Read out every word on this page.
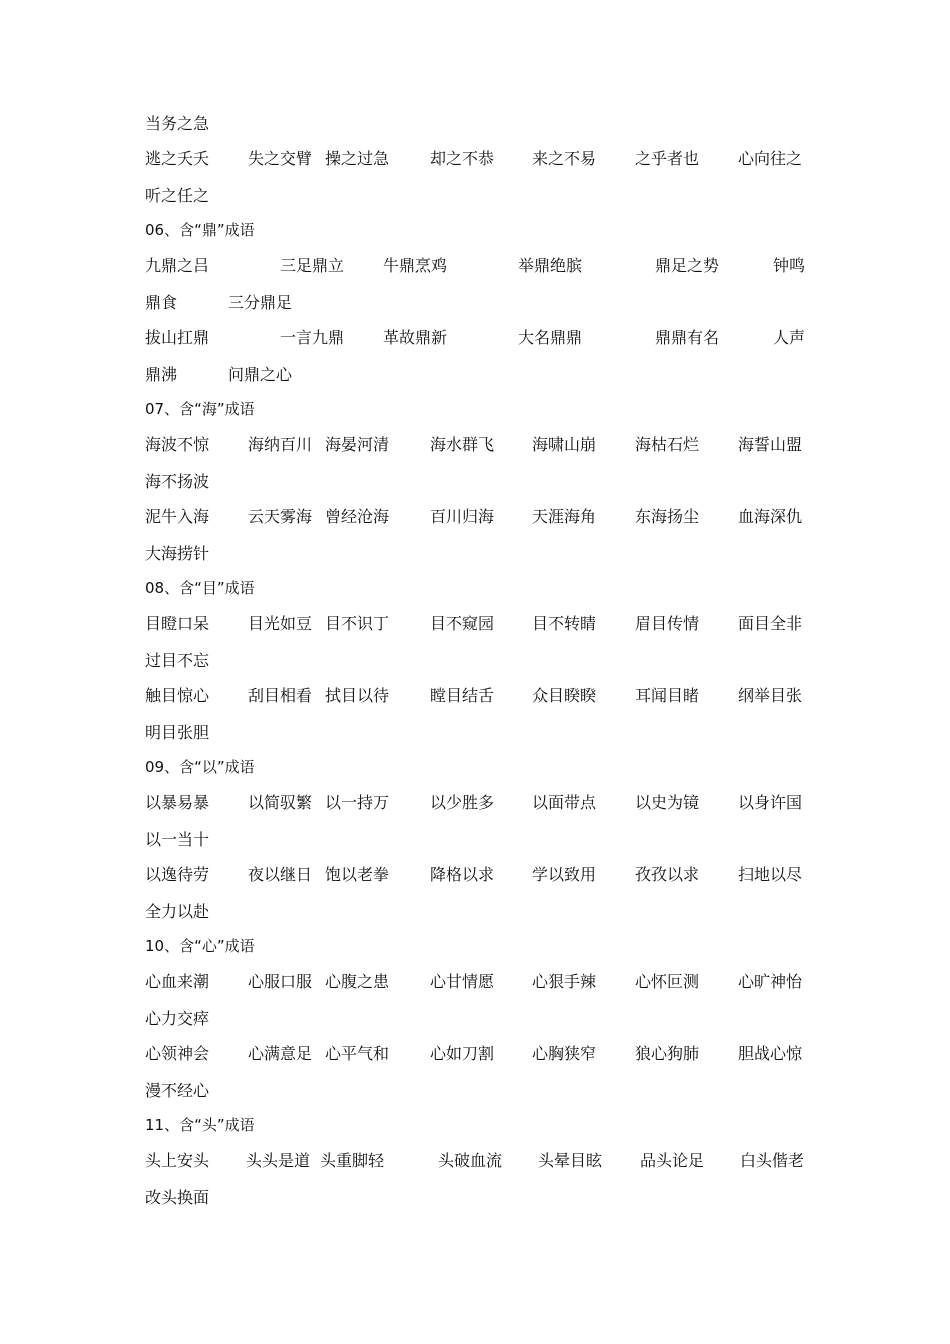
当务之急
逃之夭夭 失之交臂 操之过急	却之不恭 来之不易 之乎者也 心向往之
听之任之
06、含“鼎”成语
九鼎之吕	三足鼎立 牛鼎烹鸡	举鼎绝膑	鼎足之势	钟鸣
鼎食	三分鼎足
拔山扛鼎	一言九鼎 革故鼎新	大名鼎鼎	鼎鼎有名	人声
鼎沸	问鼎之心
07、含“海”成语
海波不惊 海纳百川 海晏河清	海水群飞 海啸山崩 海枯石烂 海誓山盟
海不扬波
泥牛入海 云天雾海 曾经沧海	百川归海 天涯海角 东海扬尘 血海深仇
大海捞针
08、含“目”成语
目瞪口呆 目光如豆 目不识丁	目不窥园 目不转睛 眉目传情 面目全非
过目不忘
触目惊心 刮目相看 拭目以待	瞠目结舌 众目睽睽 耳闻目睹 纲举目张
明目张胆
09、含“以”成语
以暴易暴 以简驭繁 以一持万	以少胜多 以面带点 以史为镜 以身许国
以一当十
以逸待劳 夜以继日 饱以老拳	降格以求 学以致用 孜孜以求 扫地以尽
全力以赴
10、含“心”成语
心血来潮 心服口服 心腹之患	心甘情愿 心狠手辣 心怀叵测 心旷神怡
心力交瘁
心领神会 心满意足 心平气和	心如刀割 心胸狭窄 狼心狗肺 胆战心惊
漫不经心
11、含“头”成语
头上安头 头头是道 头重脚轻	头破血流 头晕目眩 品头论足 白头偕老
改头换面
